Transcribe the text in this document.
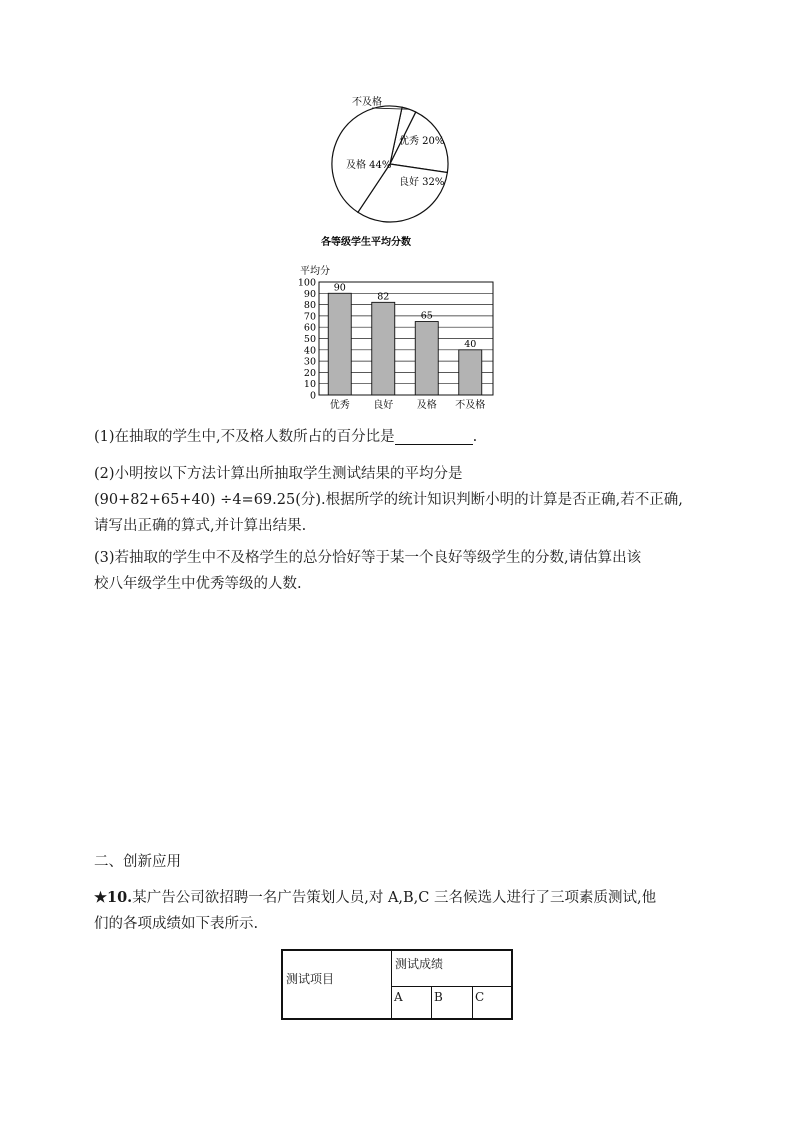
不及格
优秀 20%
良好 32%
及格 44%
各等级学生平均分数
平均分
0
10
20
30
40
50
60
70
80
90
100 90
82
65
40
优秀 良好 及格 不及格
(1)在抽取的学生中,不及格人数所占的百分比是	.
(2)小明按以下方法计算出所抽取学生测试结果的平均分是
(90+82+65+40) ÷4=69.25(分).根据所学的统计知识判断小明的计算是否正确,若不正确,
请写出正确的算式,并计算出结果.
(3)若抽取的学生中不及格学生的总分恰好等于某一个良好等级学生的分数,请估算出该
校八年级学生中优秀等级的人数.
二、创新应用
★10.某广告公司欲招聘一名广告策划人员,对 A,B,C 三名候选人进行了三项素质测试,他
们的各项成绩如下表所示.
测试项目
测试成绩
A	B	C
